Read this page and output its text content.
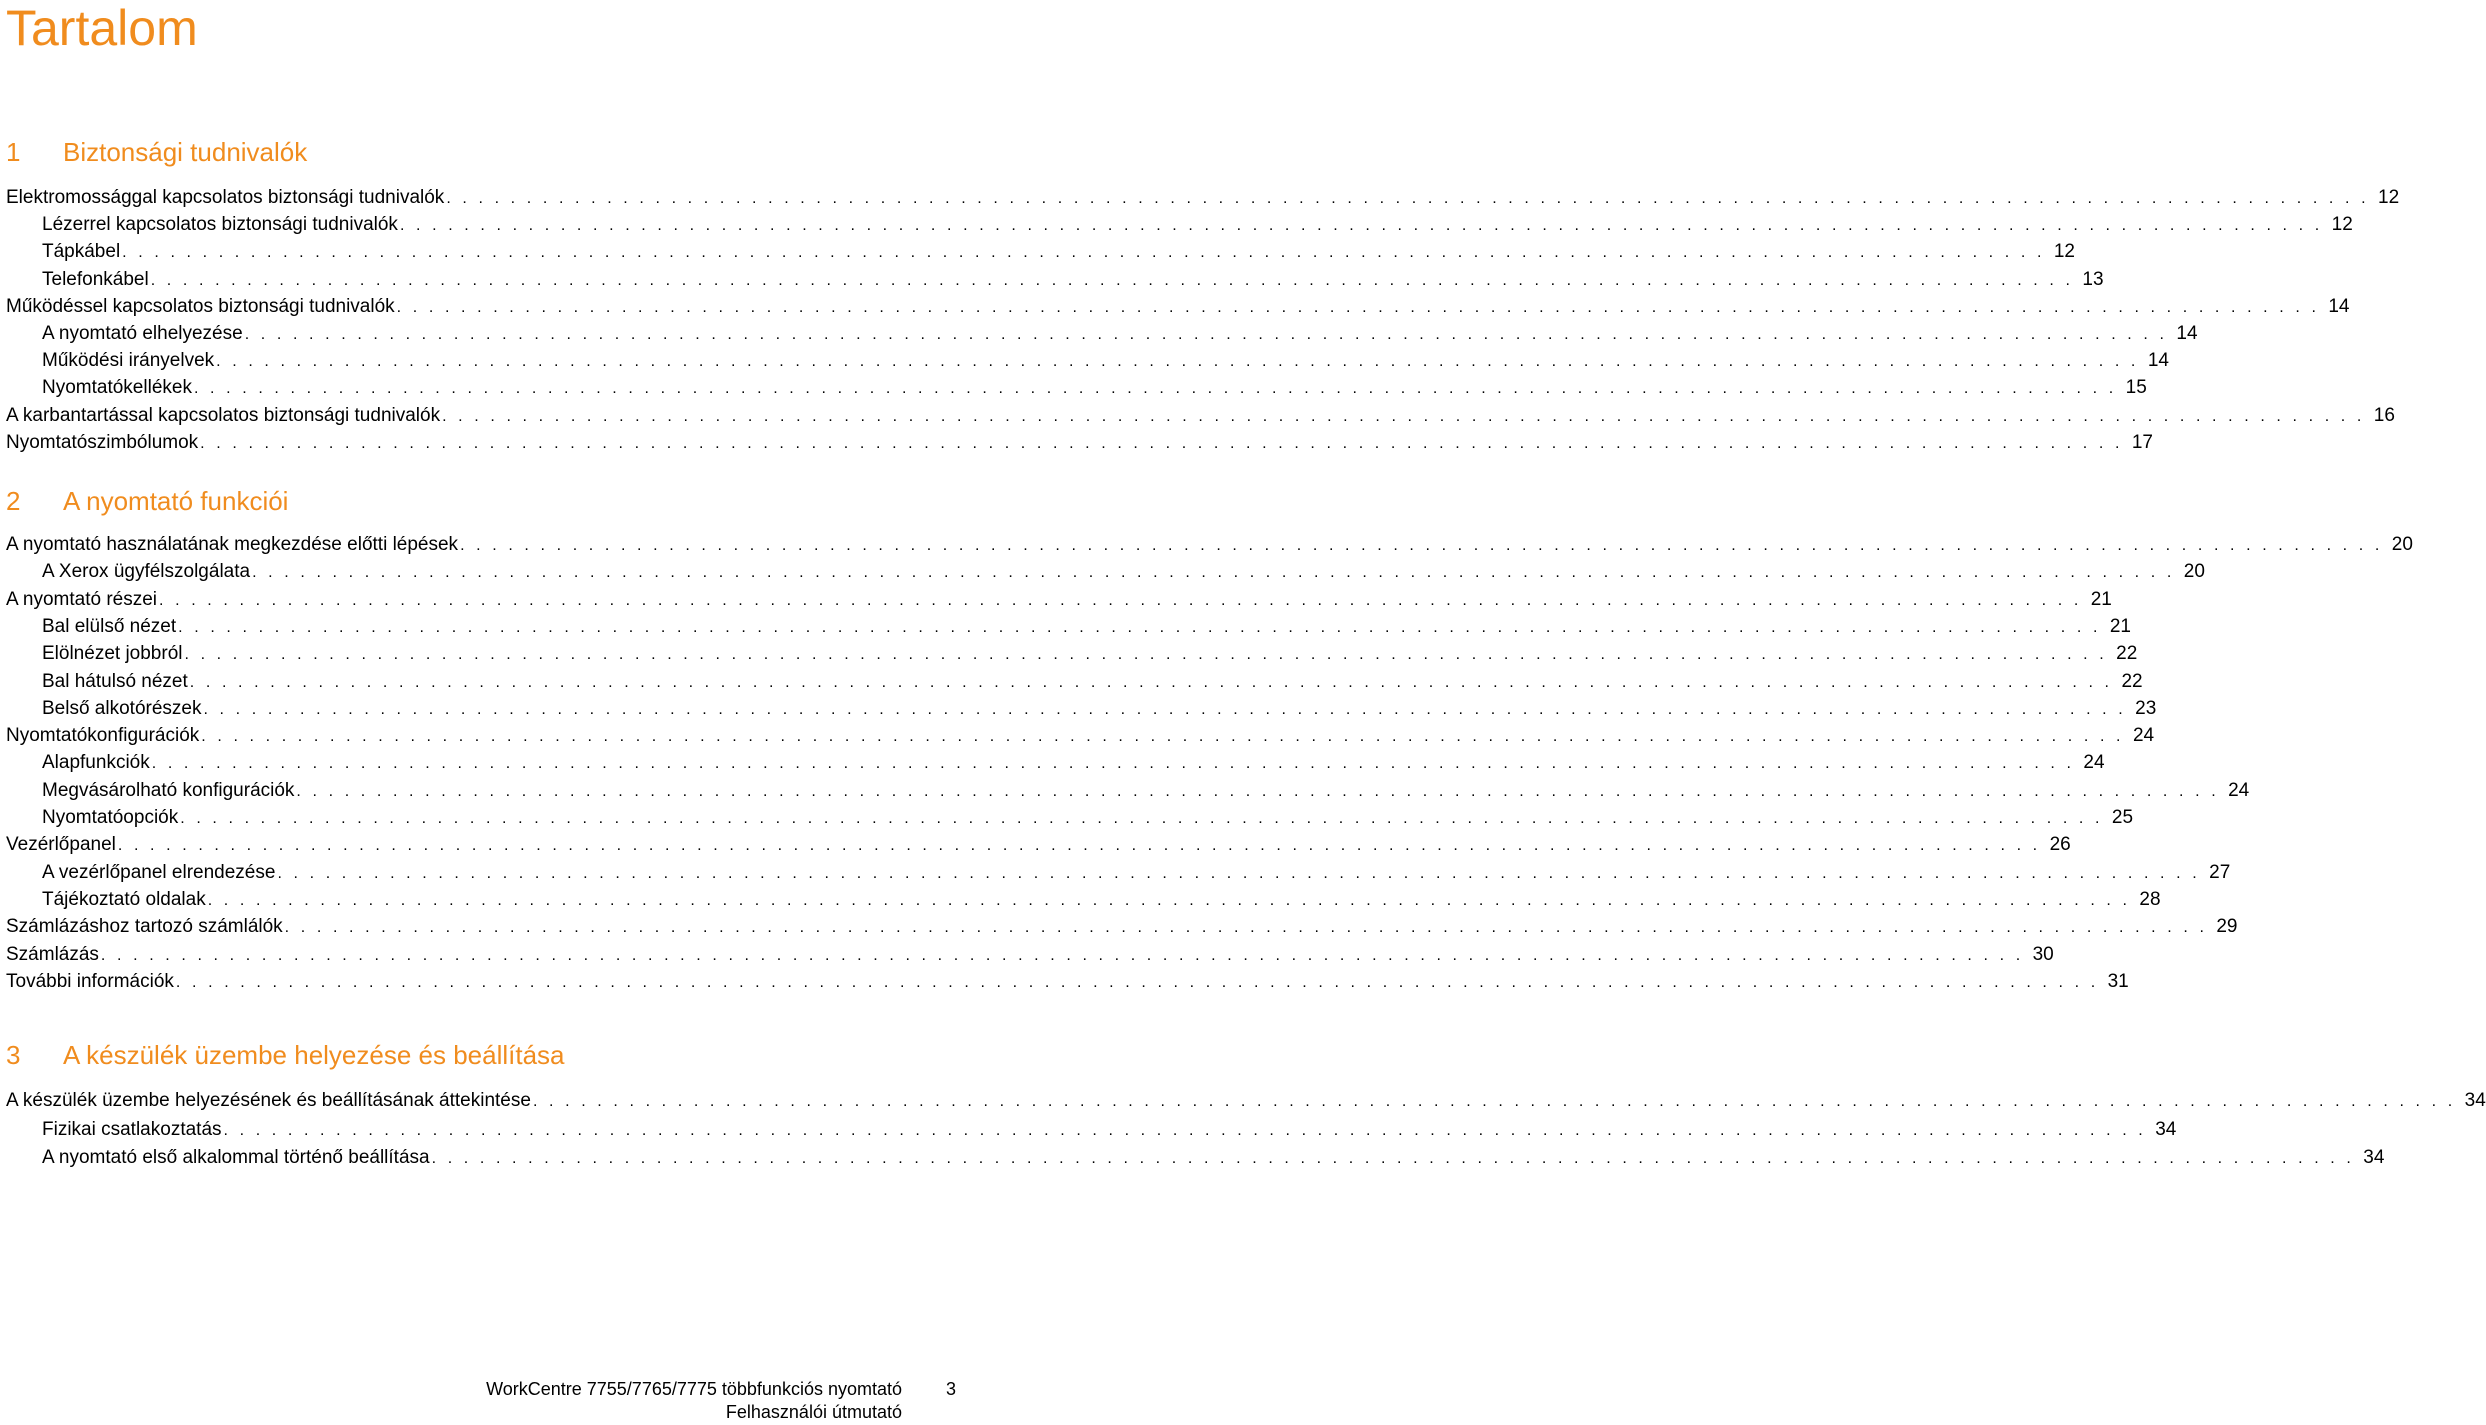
Tartalom
1 Biztonsági tudnivalók
2 A nyomtató funkciói
3 A készülék üzembe helyezése és beállítása
Elektromossággal kapcsolatos biztonsági tudnivalók . . . . . . . . . . . . . . . . . . . . . . . . . . . . . . . . . . . . . . . . . . . . . . . . . . . . . . . . . . . . . . . . . . . . . . . . . . . . . . . . . . . . . . . . . . . . . . . . . . . . . . . . . . . . . . . . . . . . . . . . 12
Lézerrel kapcsolatos biztonsági tudnivalók . . . . . . . . . . . . . . . . . . . . . . . . . . . . . . . . . . . . . . . . . . . . . . . . . . . . . . . . . . . . . . . . . . . . . . . . . . . . . . . . . . . . . . . . . . . . . . . . . . . . . . . . . . . . . . . . . . . . . . . . 12
Tápkábel . . . . . . . . . . . . . . . . . . . . . . . . . . . . . . . . . . . . . . . . . . . . . . . . . . . . . . . . . . . . . . . . . . . . . . . . . . . . . . . . . . . . . . . . . . . . . . . . . . . . . . . . . . . . . . . . . . . . . . . . 12
Telefonkábel . . . . . . . . . . . . . . . . . . . . . . . . . . . . . . . . . . . . . . . . . . . . . . . . . . . . . . . . . . . . . . . . . . . . . . . . . . . . . . . . . . . . . . . . . . . . . . . . . . . . . . . . . . . . . . . . . . . . . . . . 13
Működéssel kapcsolatos biztonsági tudnivalók . . . . . . . . . . . . . . . . . . . . . . . . . . . . . . . . . . . . . . . . . . . . . . . . . . . . . . . . . . . . . . . . . . . . . . . . . . . . . . . . . . . . . . . . . . . . . . . . . . . . . . . . . . . . . . . . . . . . . . . . 14
A nyomtató elhelyezése . . . . . . . . . . . . . . . . . . . . . . . . . . . . . . . . . . . . . . . . . . . . . . . . . . . . . . . . . . . . . . . . . . . . . . . . . . . . . . . . . . . . . . . . . . . . . . . . . . . . . . . . . . . . . . . . . . . . . . . . 14
Működési irányelvek . . . . . . . . . . . . . . . . . . . . . . . . . . . . . . . . . . . . . . . . . . . . . . . . . . . . . . . . . . . . . . . . . . . . . . . . . . . . . . . . . . . . . . . . . . . . . . . . . . . . . . . . . . . . . . . . . . . . . . . . 14
Nyomtatókellékek . . . . . . . . . . . . . . . . . . . . . . . . . . . . . . . . . . . . . . . . . . . . . . . . . . . . . . . . . . . . . . . . . . . . . . . . . . . . . . . . . . . . . . . . . . . . . . . . . . . . . . . . . . . . . . . . . . . . . . . . 15
A karbantartással kapcsolatos biztonsági tudnivalók . . . . . . . . . . . . . . . . . . . . . . . . . . . . . . . . . . . . . . . . . . . . . . . . . . . . . . . . . . . . . . . . . . . . . . . . . . . . . . . . . . . . . . . . . . . . . . . . . . . . . . . . . . . . . . . . . . . . . . . . 16
Nyomtatószimbólumok . . . . . . . . . . . . . . . . . . . . . . . . . . . . . . . . . . . . . . . . . . . . . . . . . . . . . . . . . . . . . . . . . . . . . . . . . . . . . . . . . . . . . . . . . . . . . . . . . . . . . . . . . . . . . . . . . . . . . . . . 17
A nyomtató használatának megkezdése előtti lépések . . . . . . . . . . . . . . . . . . . . . . . . . . . . . . . . . . . . . . . . . . . . . . . . . . . . . . . . . . . . . . . . . . . . . . . . . . . . . . . . . . . . . . . . . . . . . . . . . . . . . . . . . . . . . . . . . . . . . . . . 20
A Xerox ügyfélszolgálata . . . . . . . . . . . . . . . . . . . . . . . . . . . . . . . . . . . . . . . . . . . . . . . . . . . . . . . . . . . . . . . . . . . . . . . . . . . . . . . . . . . . . . . . . . . . . . . . . . . . . . . . . . . . . . . . . . . . . . . . 20
A nyomtató részei . . . . . . . . . . . . . . . . . . . . . . . . . . . . . . . . . . . . . . . . . . . . . . . . . . . . . . . . . . . . . . . . . . . . . . . . . . . . . . . . . . . . . . . . . . . . . . . . . . . . . . . . . . . . . . . . . . . . . . . . 21
Bal elülső nézet . . . . . . . . . . . . . . . . . . . . . . . . . . . . . . . . . . . . . . . . . . . . . . . . . . . . . . . . . . . . . . . . . . . . . . . . . . . . . . . . . . . . . . . . . . . . . . . . . . . . . . . . . . . . . . . . . . . . . . . . 21
Elölnézet jobbról . . . . . . . . . . . . . . . . . . . . . . . . . . . . . . . . . . . . . . . . . . . . . . . . . . . . . . . . . . . . . . . . . . . . . . . . . . . . . . . . . . . . . . . . . . . . . . . . . . . . . . . . . . . . . . . . . . . . . . . . 22
Bal hátulsó nézet . . . . . . . . . . . . . . . . . . . . . . . . . . . . . . . . . . . . . . . . . . . . . . . . . . . . . . . . . . . . . . . . . . . . . . . . . . . . . . . . . . . . . . . . . . . . . . . . . . . . . . . . . . . . . . . . . . . . . . . . 22
Belső alkotórészek . . . . . . . . . . . . . . . . . . . . . . . . . . . . . . . . . . . . . . . . . . . . . . . . . . . . . . . . . . . . . . . . . . . . . . . . . . . . . . . . . . . . . . . . . . . . . . . . . . . . . . . . . . . . . . . . . . . . . . . . 23
Nyomtatókonfigurációk . . . . . . . . . . . . . . . . . . . . . . . . . . . . . . . . . . . . . . . . . . . . . . . . . . . . . . . . . . . . . . . . . . . . . . . . . . . . . . . . . . . . . . . . . . . . . . . . . . . . . . . . . . . . . . . . . . . . . . . . 24
Alapfunkciók . . . . . . . . . . . . . . . . . . . . . . . . . . . . . . . . . . . . . . . . . . . . . . . . . . . . . . . . . . . . . . . . . . . . . . . . . . . . . . . . . . . . . . . . . . . . . . . . . . . . . . . . . . . . . . . . . . . . . . . . 24
Megvásárolható konfigurációk . . . . . . . . . . . . . . . . . . . . . . . . . . . . . . . . . . . . . . . . . . . . . . . . . . . . . . . . . . . . . . . . . . . . . . . . . . . . . . . . . . . . . . . . . . . . . . . . . . . . . . . . . . . . . . . . . . . . . . . . 24
Nyomtatóopciók . . . . . . . . . . . . . . . . . . . . . . . . . . . . . . . . . . . . . . . . . . . . . . . . . . . . . . . . . . . . . . . . . . . . . . . . . . . . . . . . . . . . . . . . . . . . . . . . . . . . . . . . . . . . . . . . . . . . . . . . 25
Vezérlőpanel . . . . . . . . . . . . . . . . . . . . . . . . . . . . . . . . . . . . . . . . . . . . . . . . . . . . . . . . . . . . . . . . . . . . . . . . . . . . . . . . . . . . . . . . . . . . . . . . . . . . . . . . . . . . . . . . . . . . . . . . 26
A vezérlőpanel elrendezése . . . . . . . . . . . . . . . . . . . . . . . . . . . . . . . . . . . . . . . . . . . . . . . . . . . . . . . . . . . . . . . . . . . . . . . . . . . . . . . . . . . . . . . . . . . . . . . . . . . . . . . . . . . . . . . . . . . . . . . . 27
Tájékoztató oldalak . . . . . . . . . . . . . . . . . . . . . . . . . . . . . . . . . . . . . . . . . . . . . . . . . . . . . . . . . . . . . . . . . . . . . . . . . . . . . . . . . . . . . . . . . . . . . . . . . . . . . . . . . . . . . . . . . . . . . . . . 28
Számlázáshoz tartozó számlálók . . . . . . . . . . . . . . . . . . . . . . . . . . . . . . . . . . . . . . . . . . . . . . . . . . . . . . . . . . . . . . . . . . . . . . . . . . . . . . . . . . . . . . . . . . . . . . . . . . . . . . . . . . . . . . . . . . . . . . . . 29
Számlázás . . . . . . . . . . . . . . . . . . . . . . . . . . . . . . . . . . . . . . . . . . . . . . . . . . . . . . . . . . . . . . . . . . . . . . . . . . . . . . . . . . . . . . . . . . . . . . . . . . . . . . . . . . . . . . . . . . . . . . . . 30
További információk . . . . . . . . . . . . . . . . . . . . . . . . . . . . . . . . . . . . . . . . . . . . . . . . . . . . . . . . . . . . . . . . . . . . . . . . . . . . . . . . . . . . . . . . . . . . . . . . . . . . . . . . . . . . . . . . . . . . . . . . 31
A készülék üzembe helyezésének és beállításának áttekintése . . . . . . . . . . . . . . . . . . . . . . . . . . . . . . . . . . . . . . . . . . . . . . . . . . . . . . . . . . . . . . . . . . . . . . . . . . . . . . . . . . . . . . . . . . . . . . . . . . . . . . . . . . . . . . . . . . . . . . . . 34
Fizikai csatlakoztatás . . . . . . . . . . . . . . . . . . . . . . . . . . . . . . . . . . . . . . . . . . . . . . . . . . . . . . . . . . . . . . . . . . . . . . . . . . . . . . . . . . . . . . . . . . . . . . . . . . . . . . . . . . . . . . . . . . . . . . . . 34
A nyomtató első alkalommal történő beállítása . . . . . . . . . . . . . . . . . . . . . . . . . . . . . . . . . . . . . . . . . . . . . . . . . . . . . . . . . . . . . . . . . . . . . . . . . . . . . . . . . . . . . . . . . . . . . . . . . . . . . . . . . . . . . . . . . . . . . . . . 34
WorkCentre 7755/7765/7775 többfunkciós nyomtató
Felhasználói útmutató
3
